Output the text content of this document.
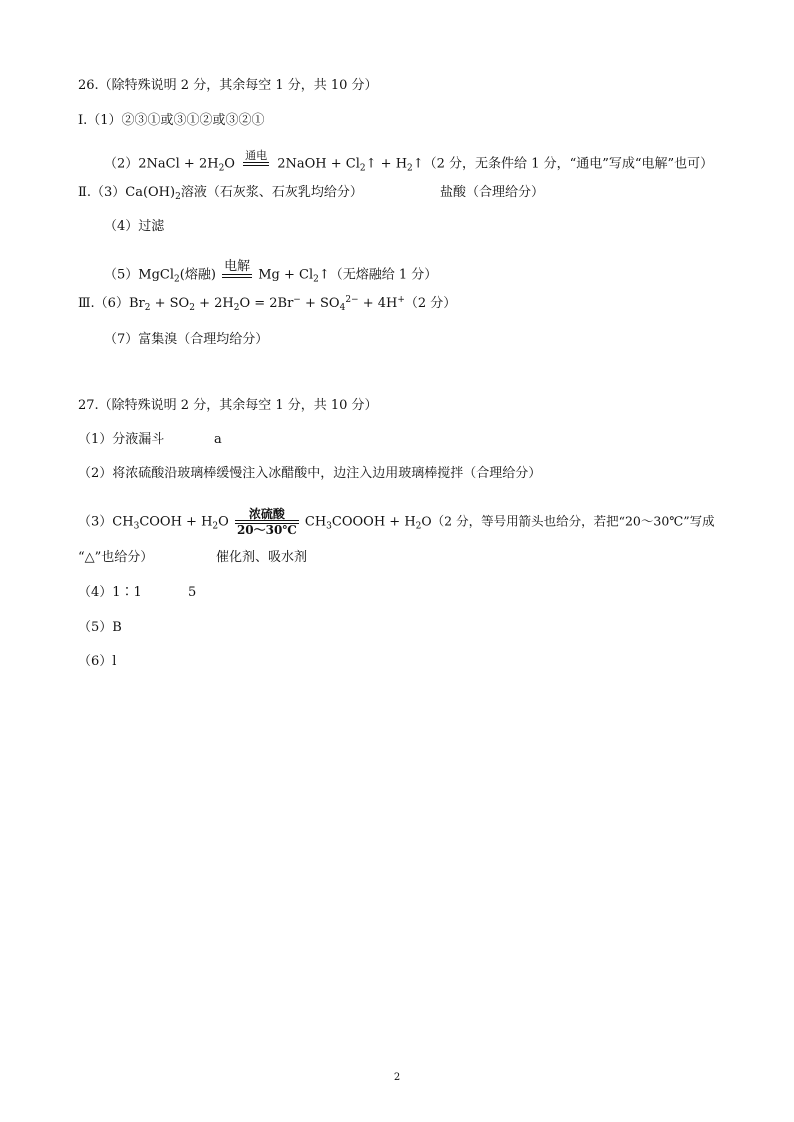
26.（除特殊说明 2 分，其余每空 1 分，共 10 分）
Ⅰ.（1）②③①或③①②或③②①
（2）2NaCl + $2H_2O$
通电

2NaOH + $Cl_2↑$ + $H_2↑(2$ 分，无条件给 1 分，“通电”写成“电解”也可）
$Ⅱ.(3)Ca(OH)_2$溶液（石灰浆、石灰乳均给分）	盐酸（合理给分）
（4）过滤
（5）MgCl$_2$(熔融)
电解

$Mg + Cl_2↑$（无熔融给 1 分）
$Ⅲ.(6)Br_2 + SO_2 + 2H_2O = 2Br^- + SO_4^{2-} + 4H^+(2$ 分）
（7）富集溴（合理均给分）
27.（除特殊说明 2 分，其余每空 1 分，共 10 分）
（1）分液漏斗	a
（2）将浓硫酸沿玻璃棒缓慢注入冰醋酸中，边注入边用玻璃棒搅拌（合理给分）
$(3)CH_3COOH + H_2O$
浓硫酸
20～30℃
$CH_3COOOH + H_2O(2$ 分，等号用箭头也给分，若把“20～30℃”写成
“△”也给分）	催化剂、吸水剂
（4）1∶1	5
（5）B
（6）l
2
